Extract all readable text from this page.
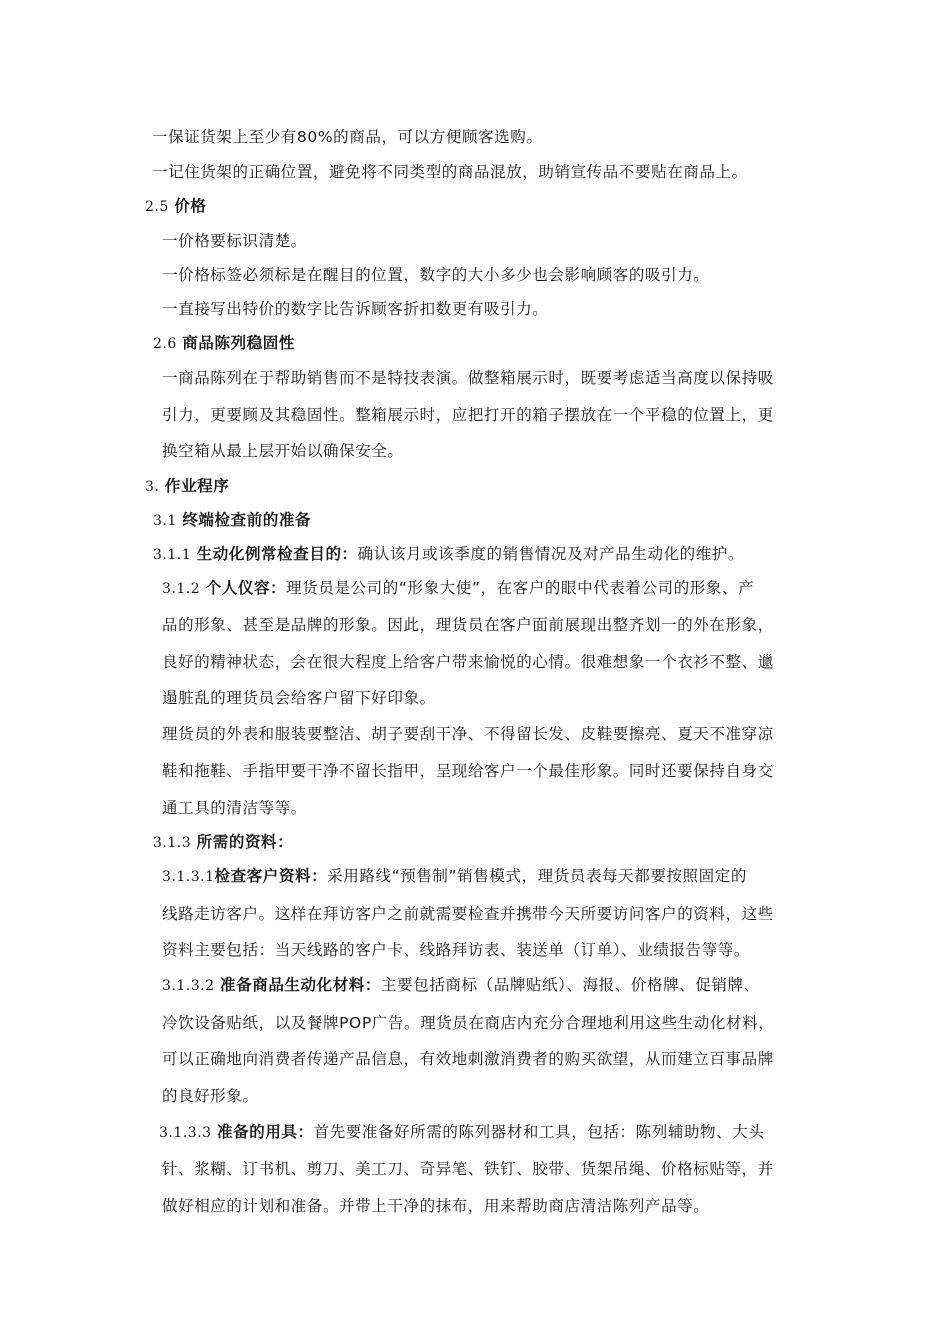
一保证货架上至少有80%的商品，可以方便顾客选购。
一记住货架的正确位置，避免将不同类型的商品混放，助销宣传品不要贴在商品上。
2.5 价格
一价格要标识清楚。
一价格标签必须标是在醒目的位置，数字的大小多少也会影响顾客的吸引力。
一直接写出特价的数字比告诉顾客折扣数更有吸引力。
2.6 商品陈列稳固性
一商品陈列在于帮助销售而不是特技表演。做整箱展示时，既要考虑适当高度以保持吸
引力，更要顾及其稳固性。整箱展示时，应把打开的箱子摆放在一个平稳的位置上，更
换空箱从最上层开始以确保安全。
3. 作业程序
3.1 终端检查前的准备
3.1.1 生动化例常检查目的：确认该月或该季度的销售情况及对产品生动化的维护。
3.1.2 个人仪容：理货员是公司的“形象大使”，在客户的眼中代表着公司的形象、产
品的形象、甚至是品牌的形象。因此，理货员在客户面前展现出整齐划一的外在形象，
良好的精神状态，会在很大程度上给客户带来愉悦的心情。很难想象一个衣衫不整、邋
遢脏乱的理货员会给客户留下好印象。
理货员的外表和服装要整洁、胡子要刮干净、不得留长发、皮鞋要擦亮、夏天不准穿凉
鞋和拖鞋、手指甲要干净不留长指甲，呈现给客户一个最佳形象。同时还要保持自身交
通工具的清洁等等。
3.1.3 所需的资料：
3.1.3.1检查客户资料：采用路线“预售制”销售模式，理货员表每天都要按照固定的
线路走访客户。这样在拜访客户之前就需要检查并携带今天所要访问客户的资料，这些
资料主要包括：当天线路的客户卡、线路拜访表、装送单（订单）、业绩报告等等。
3.1.3.2 准备商品生动化材料：主要包括商标（品牌贴纸）、海报、价格牌、促销牌、
冷饮设备贴纸，以及餐牌POP广告。理货员在商店内充分合理地利用这些生动化材料，
可以正确地向消费者传递产品信息，有效地刺激消费者的购买欲望，从而建立百事品牌
的良好形象。
3.1.3.3 准备的用具：首先要准备好所需的陈列器材和工具，包括：陈列辅助物、大头
针、浆糊、订书机、剪刀、美工刀、奇异笔、铁钉、胶带、货架吊绳、价格标贴等，并
做好相应的计划和准备。并带上干净的抹布，用来帮助商店清洁陈列产品等。
